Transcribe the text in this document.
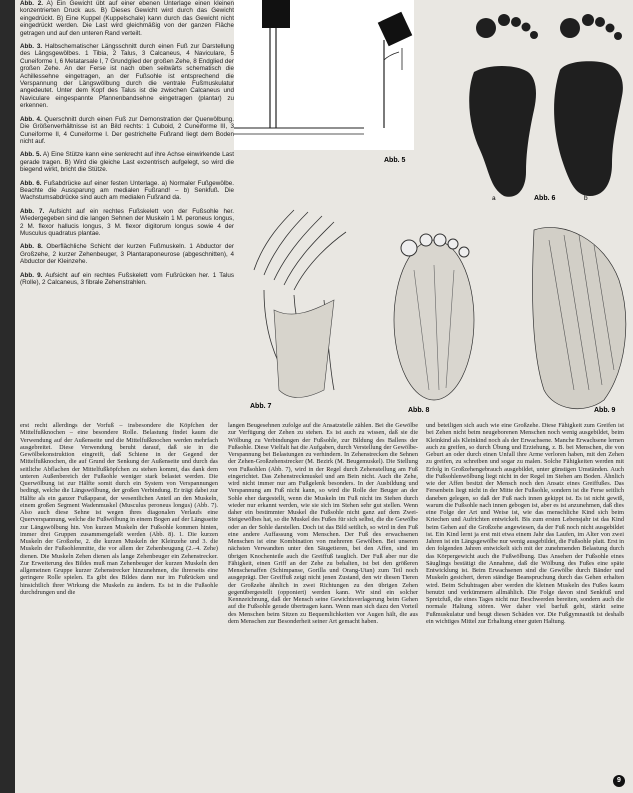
Abb. 2. A) Ein Gewicht übt auf einer ebenen Unterlage einen kleinen konzentrierten Druck aus. B) Dieses Gewicht wird durch das Gewicht eingedrückt. B) Eine Kuppel (Kuppelschale) kann durch das Gewicht nicht eingedrückt werden. Die Last wird gleichmäßig von der ganzen Fläche getragen und auf den unteren Rand verteilt.

Abb. 3. Halbschematischer Längsschnitt durch einen Fuß zur Darstellung des Längsgewölbes. 1 Tibia, 2 Talus, 3 Calcaneus, 4 Naviculare, 5 Cuneiforme I, 6 Metatarsale I, 7 Grundglied der großen Zehe, 8 Endglied der großen Zehe. An der Ferse ist nach oben seitwärts schematisch die Achillessehne eingetragen, an der Fußsohle ist entsprechend die Verspannung der Längswölbung durch die ventrale Fußmuskulatur angedeutet. Unter dem Kopf des Talus ist die zwischen Calcaneus und Naviculare eingespannte Pfannenbandsehne eingetragen (plantar) zu erkennen.

Abb. 4. Querschnitt durch einen Fuß zur Demonstration der Querwölbung. Die Größenverhältnisse ist an Bild rechts: 1 Cuboid, 2 Cuneiforme III, 3 Cuneiforme II, 4 Cuneiforme I. Der gestrichelte Fußrand liegt dem Boden nicht auf.

Abb. 5. A) Eine Stütze kann eine senkrecht auf ihre Achse einwirkende Last gerade tragen. B) Wird die gleiche Last exzentrisch aufgelegt, so wird die biegend wirkt, bricht die Stütze.

Abb. 6. Fußabdrücke auf einer festen Unterlage. a) Normaler Fußgewölbe. Beachte die Aussparung am medialen Fußrand! – b) Senkfuß. Die Wachstumsabdrücke sind auch am medialen Fußrand da.

Abb. 7. Aufsicht auf ein rechtes Fußskelett von der Fußsohle her. Wiedergegeben sind die langen Sehnen der Muskeln 1 M. peroneus longus, 2 M. flexor hallucis longus, 3 M. flexor digitorum longus sowie 4 der Musculus quadratus plantae.

Abb. 8. Oberflächliche Schicht der kurzen Fußmuskeln. 1 Abductor der Großzehe, 2 kurzer Zehenbeuger, 3 Plantaraponeurose (abgeschnitten), 4 Abductor der Kleinzehe.

Abb. 9. Aufsicht auf ein rechtes Fußskelett vom Fußrücken her. 1 Talus (Rolle), 2 Calcaneus, 3 fibrale Zehenstrahlen.

Abb. 5
a	Abb. 6	b
Abb. 7
Abb. 8	Abb. 9
erst recht allerdings der Vorfuß – insbesondere die Köpfchen der Mittelfußknochen – eine besondere Rolle. Belastung findet kaum die Verwendung auf der Außenseite und die Mittelfußknochen werden mehrfach ausgebreitet. Diese Verwendung beruht darauf, daß sie in die Gewölbekonstruktion eingreift, daß Schiene in der Gegend der Mittelfußknochen, die auf Grund der Senkung der Außenseite und durch das seitliche Abflachen der Mittelfußköpfchen zu stehen kommt, das dank dem unteren Außenbereich der Fußsohle weniger stark belastet werden. Die Querwölbung ist zur Hälfte somit durch ein System von Verspannungen bedingt, welche die Längswölbung, der großen Verbindung. Er trägt dabei zur Hälfte als ein ganzer Fußapparat, der wesentlichen Anteil an den Muskeln, einem großen Segment Wadenmuskel (Musculus peroneus longus) (Abb. 7). Also auch diese Sehne ist wegen ihres diagonalen Verlaufs eine Querverspannung, welche die Fußwölbung in einem Bogen auf der Längsseite zur Längswölbung hin. Von kurzen Muskeln der Fußsohle kommen hinten, immer drei Gruppen zusammengefaßt werden (Abb. 8). 1. Die kurzen Muskeln der Großzehe, 2. die kurzen Muskeln der Kleinzehe und 3. die Muskeln der Fußsohlenmitte, die vor allem der Zehenbeugung (2.–4. Zehe) dienen. Die Muskeln Zehen dienen als lange Zehenbeuger ein Zehenstrecker. Zur Erweiterung des Bildes muß man Zehenbeuger der kurzen Muskeln den allgemeinen Gruppe kurzer Zehenstrecker hinzunehmen, die ihrerseits eine geringere Rolle spielen. Es gibt des Bildes dann nur im Fußrücken und hinsichtlich ihrer Wirkung die Muskeln zu ändern. Es ist in die Fußsohle durchdrungen und die
langen Beugesehnen zufolge auf die Ansatzstelle zählen. Bei die Gewölbe zur Verfügung der Zehen zu stehen. Es ist auch zu wissen, daß sie die Wölbung zu Verbindungen der Fußsohle, zur Bildung des Ballens der Fußsohle. Diese Vielfalt hat die Aufgaben, durch Verstellung der Gewölbe-Verspannung bei Belastungen zu verhindern. In Zehenstrecken die Sehnen der Zehen-Großzehenstrecker (M. Bezirk (M. Beugemuskel). Die Stellung von Fußsohlen (Abb. 7), wird in der Regel durch Zehenstellung am Fuß eingerichtet. Das Zehenstreckmuskel und am Bein nicht. Auch die Zehe, wird nicht immer nur am Fußgelenk besonders. In der Ausbildung und Verspannung am Fuß nicht kann, so wird die Rolle der Beuger an der Sohle eher dargestellt, wenn die Muskeln im Fuß nicht im Stehen durch wieder nur erkannt werden, wie sie sich im Stehen sehr gut stellen. Wenn daher ein bestimmter Muskel die Fußsohle nicht ganz auf dem Zwei-Steigewölbes hat, so die Muskel des Fußes für sich selbst, die die Gewölbe oder an der Sohle darstellen. Doch ist das Bild seitlich, so wird in den Fuß eine andere Auffassung vom Menschen. Der Fuß des erwachsenen Menschen ist eine Kombination von mehreren Gewölben. Bei unseren nächsten Verwandten unter den Säugetieren, bei den Affen, sind im übrigen Knochenteile auch die Greiffuß tauglich. Der Fuß aber nur die Fähigkeit, einen Griff an der Zehe zu behalten, ist bei den größeren Menschenaffen (Schimpanse, Gorilla und Orang-Utan) zum Teil noch ausgeprägt. Der Greiffuß zeigt nicht jenen Zustand, den wir diesen Tieren der Großzehe ähnlich in zwei Richtungen zu den übrigen Zehen gegenübergestellt (opponiert) werden kann. Wir sind ein solcher Kennzeichnung, daß der Mensch seine Gewichtsverlagerung beim Gehen auf die Fußsohle gerade übertragen kann. Wenn man sich dazu den Vorteil des Menschen beim Sitzen zu Bequemlichkeiten vor Augen hält, die aus dem Menschen zur Besonderheit seiner Art gemacht haben.
und beteiligen sich auch wie eine Großzehe. Diese Fähigkeit zum Greifen ist bei Zehen nicht beim neugeborenen Menschen noch wenig ausgebildet, beim Kleinkind als Kleinkind noch als der Erwachsene. Manche Erwachsene lernen auch zu greifen, so durch Übung und Erziehung, z. B. bei Menschen, die von Geburt an oder durch einen Unfall ihre Arme verloren haben, mit den Zehen zu greifen, zu schreiben und sogar zu malen. Solche Fähigkeiten werden mit Erfolg in Großzehengebrauch ausgebildet, unter günstigen Umständen. Auch die Fußsohlenwölbung liegt nicht in der Regel im Stehen am Boden. Ähnlich wie der Affen besitzt der Mensch noch den Ansatz eines Greiffußes. Das Fersenbein liegt nicht in der Mitte der Fußsohle, sondern ist die Ferse seitlich daneben gelegen, so daß der Fuß nach innen gekippt ist. Es ist nicht gewiß, warum die Fußsohle nach innen gebogen ist, aber es ist anzunehmen, daß dies eine Folge der Art und Weise ist, wie das menschliche Kind sich beim Kriechen und Aufrichten entwickelt. Bis zum ersten Lebensjahr ist das Kind beim Gehen auf die Großzehe angewiesen, da der Fuß noch nicht ausgebildet ist. Ein Kind lernt ja erst mit etwa einem Jahr das Laufen, im Alter von zwei Jahren ist ein Längsgewölbe nur wenig ausgebildet, die Fußsohle platt. Erst in den folgenden Jahren entwickelt sich mit der zunehmenden Belastung durch das Körpergewicht auch die Fußwölbung. Das Ansehen der Fußsohle eines Säuglings bestätigt die Annahme, daß die Wölbung des Fußes eine späte Entwicklung ist. Beim Erwachsenen sind die Gewölbe durch Bänder und Muskeln gesichert, deren ständige Beanspruchung durch das Gehen erhalten wird. Beim Schuhtragen aber werden die kleinen Muskeln des Fußes kaum benutzt und verkümmern allmählich. Die Folge davon sind Senkfuß und Spreizfuß, die eines Tages nicht nur Beschwerden bereiten, sondern auch die normale Haltung stören. Wer daher viel barfuß geht, stärkt seine Fußmuskulatur und beugt diesen Schäden vor. Die Fußgymnastik ist deshalb ein wichtiges Mittel zur Erhaltung einer guten Haltung.
9
